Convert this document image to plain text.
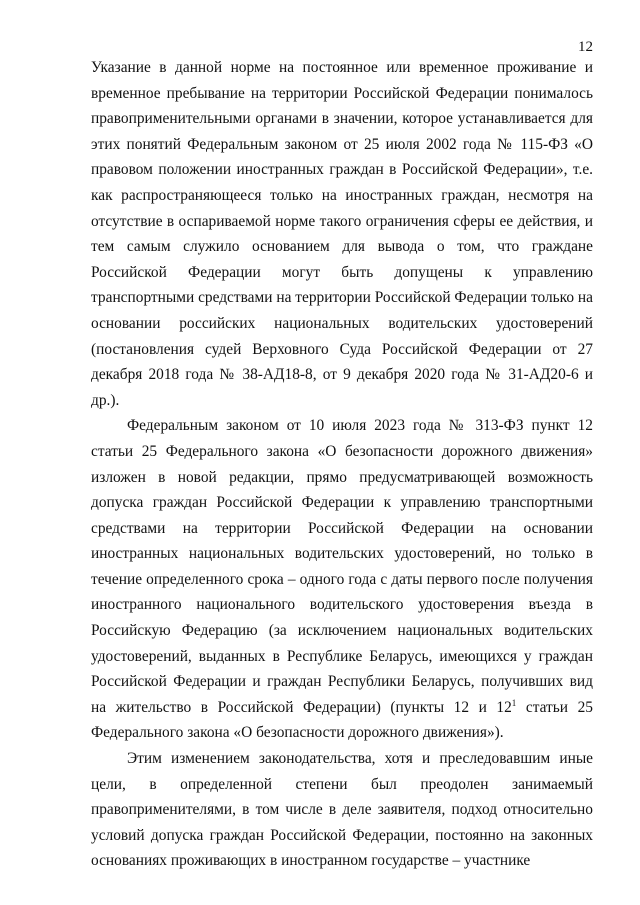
12

Указание в данной норме на постоянное или временное проживание и временное пребывание на территории Российской Федерации понималось правоприменительными органами в значении, которое устанавливается для этих понятий Федеральным законом от 25 июля 2002 года № 115-ФЗ «О правовом положении иностранных граждан в Российской Федерации», т.е. как распространяющееся только на иностранных граждан, несмотря на отсутствие в оспариваемой норме такого ограничения сферы ее действия, и тем самым служило основанием для вывода о том, что граждане Российской Федерации могут быть допущены к управлению транспортными средствами на территории Российской Федерации только на основании российских национальных водительских удостоверений (постановления судей Верховного Суда Российской Федерации от 27 декабря 2018 года № 38-АД18-8, от 9 декабря 2020 года № 31-АД20-6 и др.).

Федеральным законом от 10 июля 2023 года № 313-ФЗ пункт 12 статьи 25 Федерального закона «О безопасности дорожного движения» изложен в новой редакции, прямо предусматривающей возможность допуска граждан Российской Федерации к управлению транспортными средствами на территории Российской Федерации на основании иностранных национальных водительских удостоверений, но только в течение определенного срока – одного года с даты первого после получения иностранного национального водительского удостоверения въезда в Российскую Федерацию (за исключением национальных водительских удостоверений, выданных в Республике Беларусь, имеющихся у граждан Российской Федерации и граждан Республики Беларусь, получивших вид на жительство в Российской Федерации) (пункты 12 и $12^1$ статьи 25 Федерального закона «О безопасности дорожного движения»).

Этим изменением законодательства, хотя и преследовавшим иные цели, в определенной степени был преодолен занимаемый правоприменителями, в том числе в деле заявителя, подход относительно условий допуска граждан Российской Федерации, постоянно на законных основаниях проживающих в иностранном государстве – участнике
